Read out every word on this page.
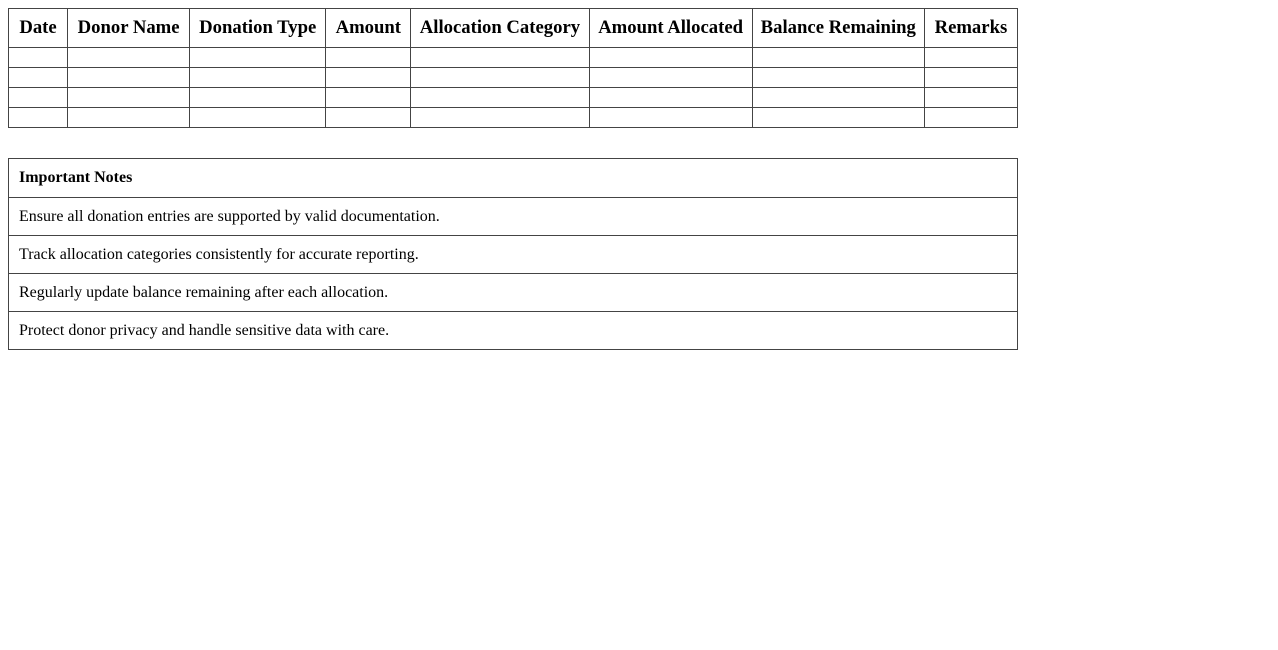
Date	Donor Name	Donation Type	Amount	Allocation Category	Amount Allocated	Balance Remaining	Remarks

Important Notes
Ensure all donation entries are supported by valid documentation.
Track allocation categories consistently for accurate reporting.
Regularly update balance remaining after each allocation.
Protect donor privacy and handle sensitive data with care.
